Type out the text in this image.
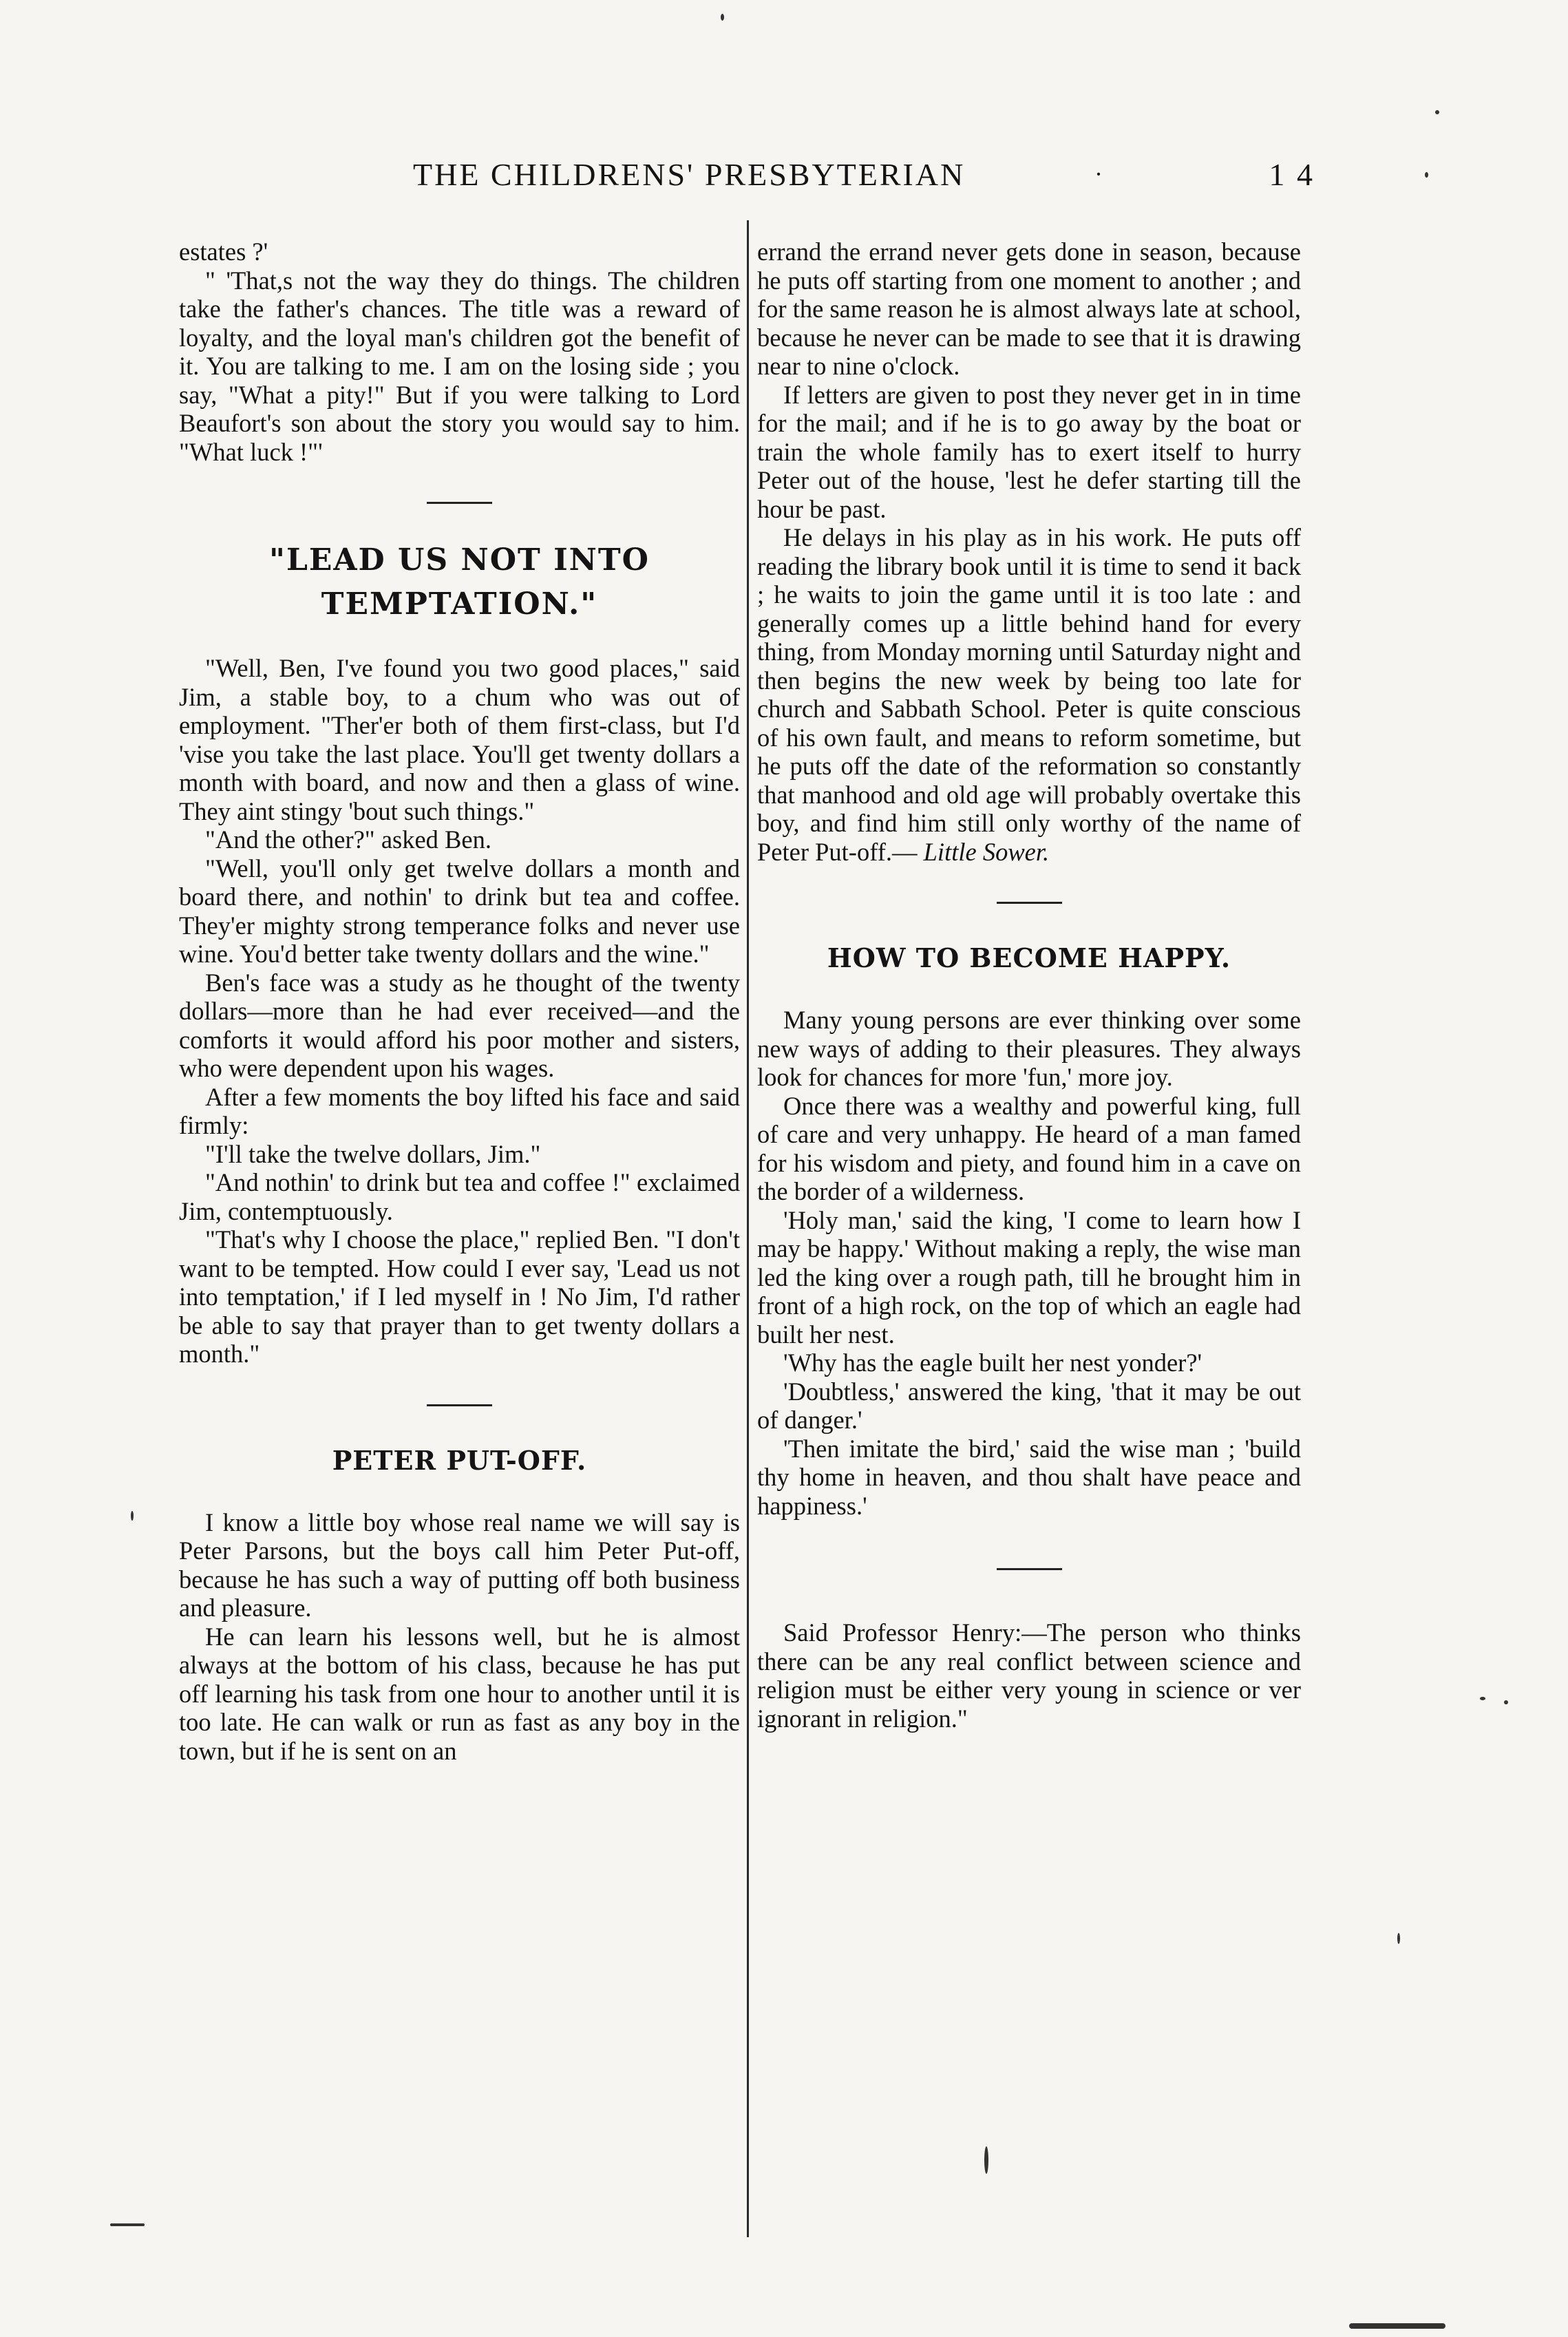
THE CHILDRENS' PRESBYTERIAN	·	1 4

estates ?'

" 'That,s not the way they do things. The children take the father's chances. The title was a reward of loyalty, and the loyal man's children got the benefit of it. You are talking to me. I am on the losing side ; you say, "What a pity!" But if you were talking to Lord Beaufort's son about the story you would say to him. "What luck !"'

"LEAD US NOT INTO TEMPTATION."

"Well, Ben, I've found you two good places," said Jim, a stable boy, to a chum who was out of employment. "Ther'er both of them first-class, but I'd 'vise you take the last place. You'll get twenty dollars a month with board, and now and then a glass of wine. They aint stingy 'bout such things."

"And the other?" asked Ben.

"Well, you'll only get twelve dollars a month and board there, and nothin' to drink but tea and coffee. They'er mighty strong temperance folks and never use wine. You'd better take twenty dollars and the wine."

Ben's face was a study as he thought of the twenty dollars—more than he had ever received—and the comforts it would afford his poor mother and sisters, who were dependent upon his wages.

After a few moments the boy lifted his face and said firmly:

"I'll take the twelve dollars, Jim."

"And nothin' to drink but tea and coffee !" exclaimed Jim, contemptuously.

"That's why I choose the place," replied Ben. "I don't want to be tempted. How could I ever say, 'Lead us not into temptation,' if I led myself in ! No Jim, I'd rather be able to say that prayer than to get twenty dollars a month."

PETER PUT-OFF.

I know a little boy whose real name we will say is Peter Parsons, but the boys call him Peter Put-off, because he has such a way of putting off both business and pleasure.

He can learn his lessons well, but he is almost always at the bottom of his class, because he has put off learning his task from one hour to another until it is too late. He can walk or run as fast as any boy in the town, but if he is sent on an

errand the errand never gets done in season, because he puts off starting from one moment to another ; and for the same reason he is almost always late at school, because he never can be made to see that it is drawing near to nine o'clock.

If letters are given to post they never get in in time for the mail; and if he is to go away by the boat or train the whole family has to exert itself to hurry Peter out of the house, 'lest he defer starting till the hour be past.

He delays in his play as in his work. He puts off reading the library book until it is time to send it back ; he waits to join the game until it is too late : and generally comes up a little behind hand for every thing, from Monday morning until Saturday night and then begins the new week by being too late for church and Sabbath School. Peter is quite conscious of his own fault, and means to reform sometime, but he puts off the date of the reformation so constantly that manhood and old age will probably overtake this boy, and find him still only worthy of the name of Peter Put-off.— Little Sower.

HOW TO BECOME HAPPY.

Many young persons are ever thinking over some new ways of adding to their pleasures. They always look for chances for more 'fun,' more joy.

Once there was a wealthy and powerful king, full of care and very unhappy. He heard of a man famed for his wisdom and piety, and found him in a cave on the border of a wilderness.

'Holy man,' said the king, 'I come to learn how I may be happy.' Without making a reply, the wise man led the king over a rough path, till he brought him in front of a high rock, on the top of which an eagle had built her nest.

'Why has the eagle built her nest yonder?'

'Doubtless,' answered the king, 'that it may be out of danger.'

'Then imitate the bird,' said the wise man ; 'build thy home in heaven, and thou shalt have peace and happiness.'

Said Professor Henry:—The person who thinks there can be any real conflict between science and religion must be either very young in science or ver ignorant in religion."
